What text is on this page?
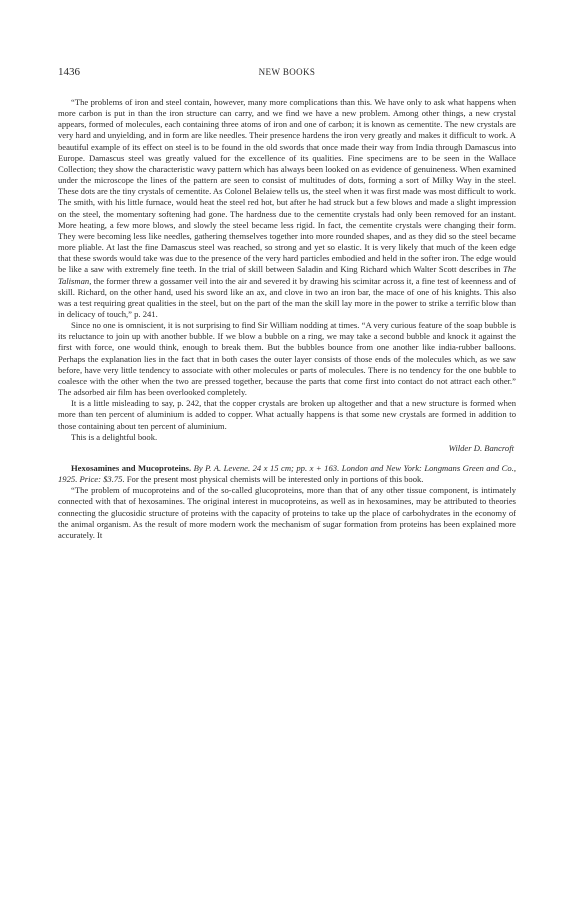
1436	NEW BOOKS

“The problems of iron and steel contain, however, many more complications than this. We have only to ask what happens when more carbon is put in than the iron structure can carry, and we find we have a new problem. Among other things, a new crystal appears, formed of molecules, each containing three atoms of iron and one of carbon; it is known as cementite. The new crystals are very hard and unyielding, and in form are like needles. Their presence hardens the iron very greatly and makes it difficult to work. A beautiful example of its effect on steel is to be found in the old swords that once made their way from India through Damascus into Europe. Damascus steel was greatly valued for the excellence of its qualities. Fine specimens are to be seen in the Wallace Collection; they show the characteristic wavy pattern which has always been looked on as evidence of genuineness. When examined under the microscope the lines of the pattern are seen to consist of multitudes of dots, forming a sort of Milky Way in the steel. These dots are the tiny crystals of cementite. As Colonel Belaiew tells us, the steel when it was first made was most difficult to work. The smith, with his little furnace, would heat the steel red hot, but after he had struck but a few blows and made a slight impression on the steel, the momentary softening had gone. The hardness due to the cementite crystals had only been removed for an instant. More heating, a few more blows, and slowly the steel became less rigid. In fact, the cementite crystals were changing their form. They were becoming less like needles, gathering themselves together into more rounded shapes, and as they did so the steel became more pliable. At last the fine Damascus steel was reached, so strong and yet so elastic. It is very likely that much of the keen edge that these swords would take was due to the presence of the very hard particles embodied and held in the softer iron. The edge would be like a saw with extremely fine teeth. In the trial of skill between Saladin and King Richard which Walter Scott describes in The Talisman, the former threw a gossamer veil into the air and severed it by drawing his scimitar across it, a fine test of keenness and of skill. Richard, on the other hand, used his sword like an ax, and clove in two an iron bar, the mace of one of his knights. This also was a test requiring great qualities in the steel, but on the part of the man the skill lay more in the power to strike a terrific blow than in delicacy of touch,” p. 241.

Since no one is omniscient, it is not surprising to find Sir William nodding at times. “A very curious feature of the soap bubble is its reluctance to join up with another bubble. If we blow a bubble on a ring, we may take a second bubble and knock it against the first with force, one would think, enough to break them. But the bubbles bounce from one another like india-rubber balloons. Perhaps the explanation lies in the fact that in both cases the outer layer consists of those ends of the molecules which, as we saw before, have very little tendency to associate with other molecules or parts of molecules. There is no tendency for the one bubble to coalesce with the other when the two are pressed together, because the parts that come first into contact do not attract each other.” The adsorbed air film has been overlooked completely.

It is a little misleading to say, p. 242, that the copper crystals are broken up altogether and that a new structure is formed when more than ten percent of aluminium is added to copper. What actually happens is that some new crystals are formed in addition to those containing about ten percent of aluminium.

This is a delightful book.

Wilder D. Bancroft

Hexosamines and Mucoproteins. By P. A. Levene. 24 x 15 cm; pp. x + 163. London and New York: Longmans Green and Co., 1925. Price: $3.75. For the present most physical chemists will be interested only in portions of this book.

“The problem of mucoproteins and of the so-called glucoproteins, more than that of any other tissue component, is intimately connected with that of hexosamines. The original interest in mucoproteins, as well as in hexosamines, may be attributed to theories connecting the glucosidic structure of proteins with the capacity of proteins to take up the place of carbohydrates in the economy of the animal organism. As the result of more modern work the mechanism of sugar formation from proteins has been explained more accurately. It
